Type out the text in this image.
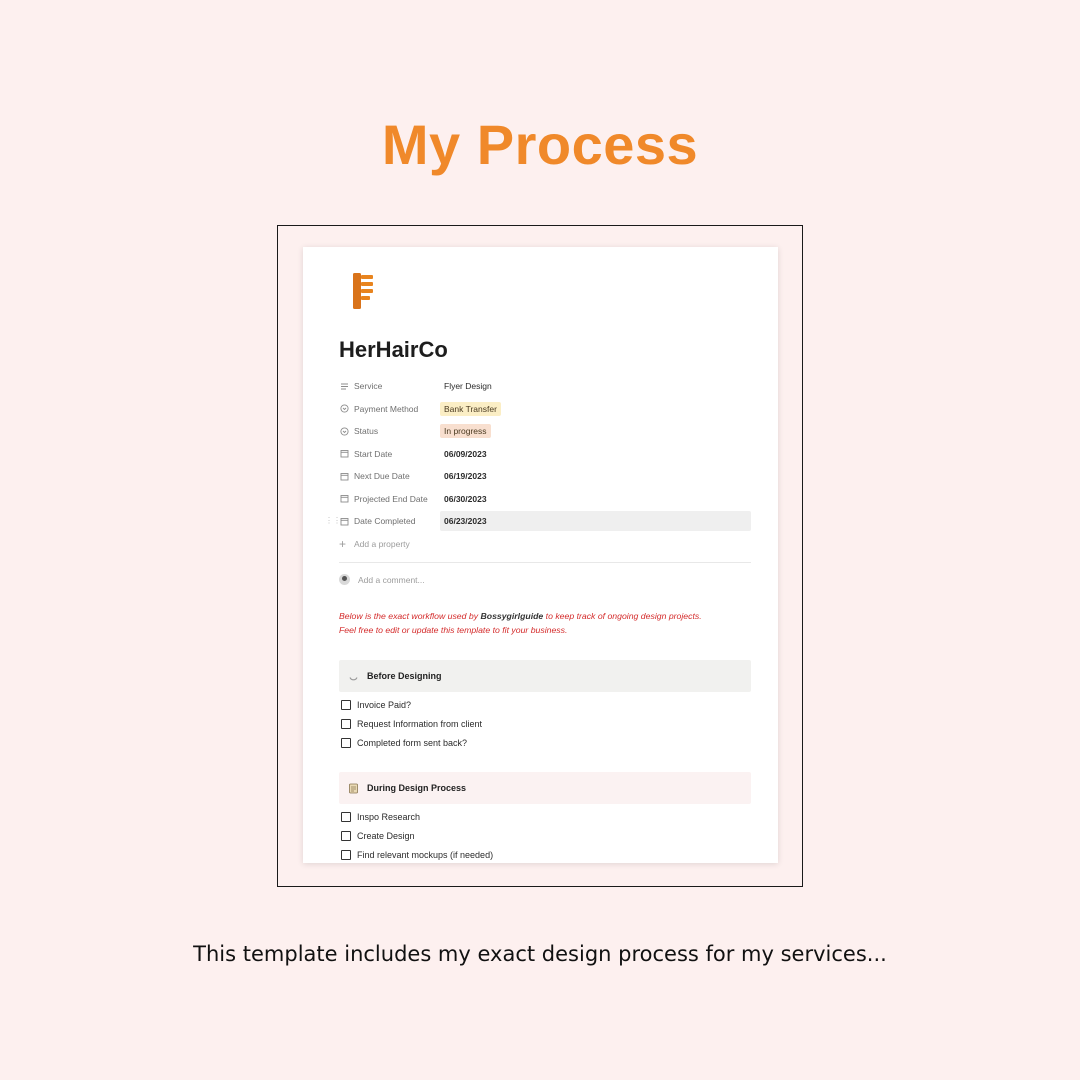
My Process
HerHairCo
Service	Flyer Design
Payment Method	Bank Transfer
Status	In progress
Start Date	06/09/2023
Next Due Date	06/19/2023
Projected End Date	06/30/2023
⋮⋮ Date Completed	06/23/2023
+ Add a property
Add a comment...
Below is the exact workflow used by Bossygirlguide to keep track of ongoing design projects.
Feel free to edit or update this template to fit your business.
Before Designing
Invoice Paid?
Request Information from client
Completed form sent back?
During Design Process
Inspo Research
Create Design
Find relevant mockups (if needed)
This template includes my exact design process for my services...
